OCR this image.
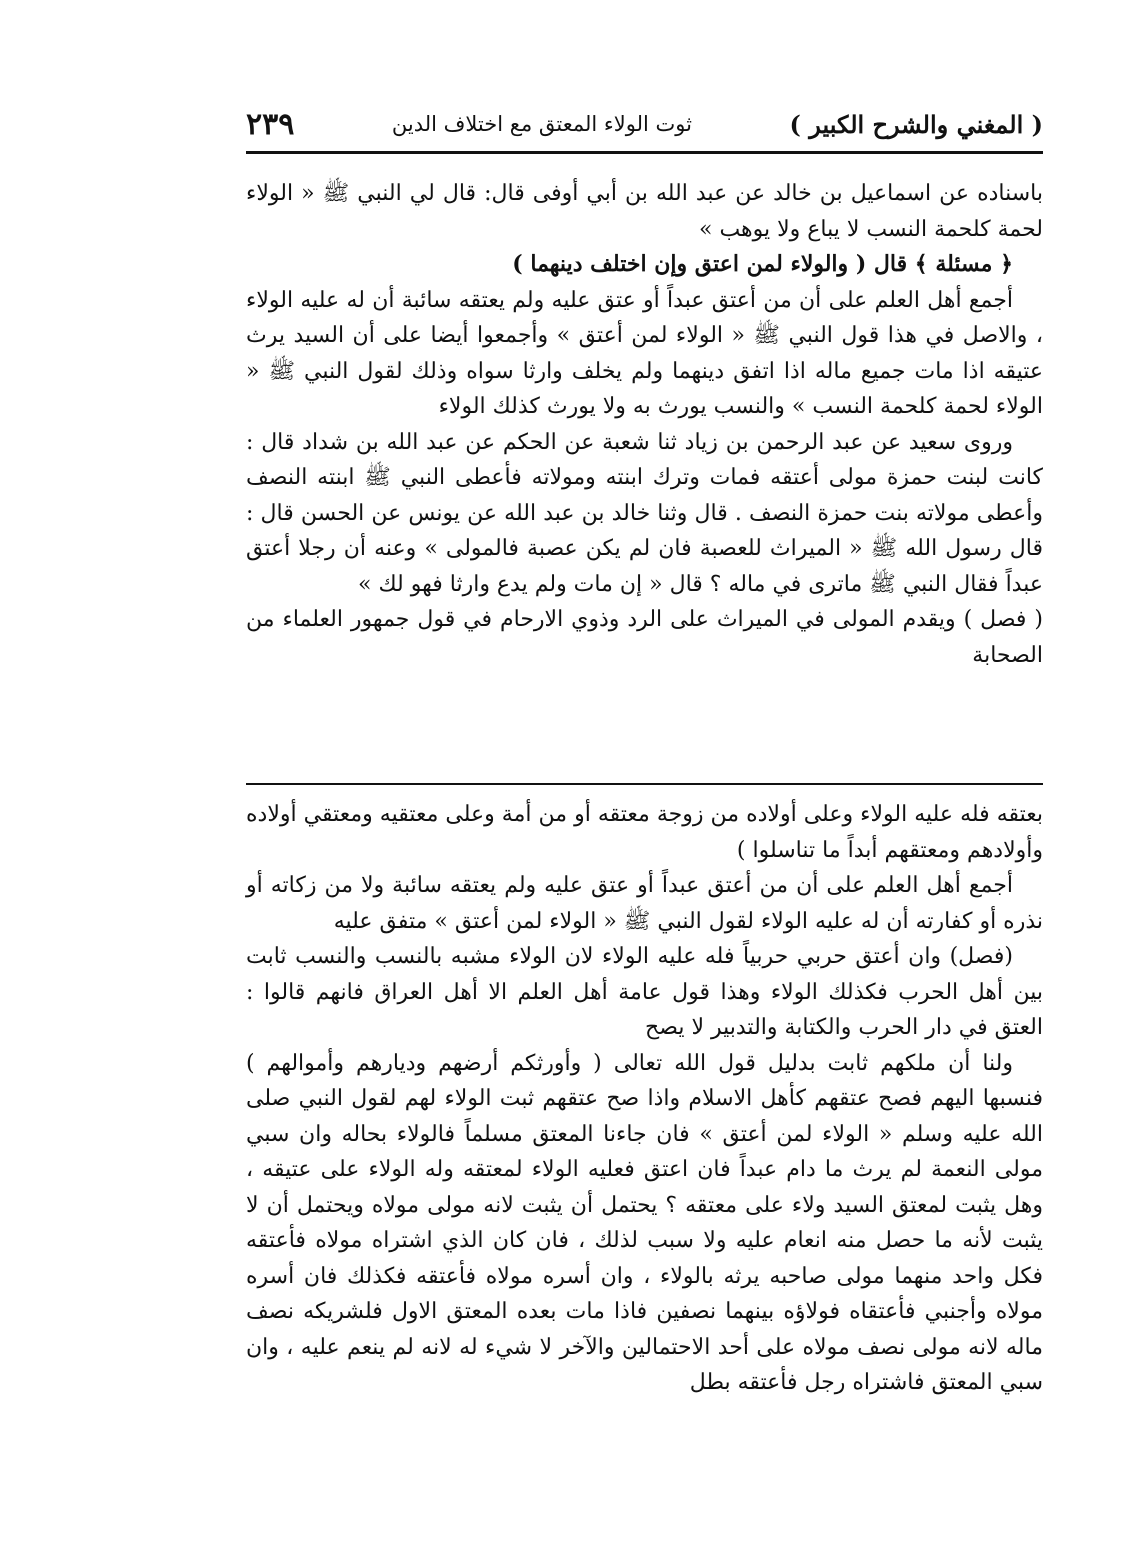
( المغني والشرح الكبير )
ثوت الولاء المعتق مع اختلاف الدين
٢٣٩

باسناده عن اسماعيل بن خالد عن عبد الله بن أبي أوفى قال: قال لي النبي ﷺ « الولاء لحمة كلحمة النسب لا يباع ولا يوهب »

﴿ مسئلة ﴾ قال ( والولاء لمن اعتق وإن اختلف دينهما )

أجمع أهل العلم على أن من أعتق عبداً أو عتق عليه ولم يعتقه سائبة أن له عليه الولاء ، والاصل في هذا قول النبي ﷺ « الولاء لمن أعتق » وأجمعوا أيضا على أن السيد يرث عتيقه اذا مات جميع ماله اذا اتفق دينهما ولم يخلف وارثا سواه وذلك لقول النبي ﷺ « الولاء لحمة كلحمة النسب » والنسب يورث به ولا يورث كذلك الولاء

وروى سعيد عن عبد الرحمن بن زياد ثنا شعبة عن الحكم عن عبد الله بن شداد قال : كانت لبنت حمزة مولى أعتقه فمات وترك ابنته ومولاته فأعطى النبي ﷺ ابنته النصف وأعطى مولاته بنت حمزة النصف . قال وثنا خالد بن عبد الله عن يونس عن الحسن قال : قال رسول الله ﷺ « الميراث للعصبة فان لم يكن عصبة فالمولى » وعنه أن رجلا أعتق عبداً فقال النبي ﷺ ماترى في ماله ؟ قال « إن مات ولم يدع وارثا فهو لك »

( فصل ) ويقدم المولى في الميراث على الرد وذوي الارحام في قول جمهور العلماء من الصحابة

بعتقه فله عليه الولاء وعلى أولاده من زوجة معتقه أو من أمة وعلى معتقيه ومعتقي أولاده وأولادهم ومعتقهم أبداً ما تناسلوا )

أجمع أهل العلم على أن من أعتق عبداً أو عتق عليه ولم يعتقه سائبة ولا من زكاته أو نذره أو كفارته أن له عليه الولاء لقول النبي ﷺ « الولاء لمن أعتق » متفق عليه

(فصل) وان أعتق حربي حربياً فله عليه الولاء لان الولاء مشبه بالنسب والنسب ثابت بين أهل الحرب فكذلك الولاء وهذا قول عامة أهل العلم الا أهل العراق فانهم قالوا : العتق في دار الحرب والكتابة والتدبير لا يصح

ولنا أن ملكهم ثابت بدليل قول الله تعالى ( وأورثكم أرضهم وديارهم وأموالهم ) فنسبها اليهم فصح عتقهم كأهل الاسلام واذا صح عتقهم ثبت الولاء لهم لقول النبي صلى الله عليه وسلم « الولاء لمن أعتق » فان جاءنا المعتق مسلماً فالولاء بحاله وان سبي مولى النعمة لم يرث ما دام عبداً فان اعتق فعليه الولاء لمعتقه وله الولاء على عتيقه ، وهل يثبت لمعتق السيد ولاء على معتقه ؟ يحتمل أن يثبت لانه مولى مولاه ويحتمل أن لا يثبت لأنه ما حصل منه انعام عليه ولا سبب لذلك ، فان كان الذي اشتراه مولاه فأعتقه فكل واحد منهما مولى صاحبه يرثه بالولاء ، وان أسره مولاه فأعتقه فكذلك فان أسره مولاه وأجنبي فأعتقاه فولاؤه بينهما نصفين فاذا مات بعده المعتق الاول فلشريكه نصف ماله لانه مولى نصف مولاه على أحد الاحتمالين والآخر لا شيء له لانه لم ينعم عليه ، وان سبي المعتق فاشتراه رجل فأعتقه بطل
